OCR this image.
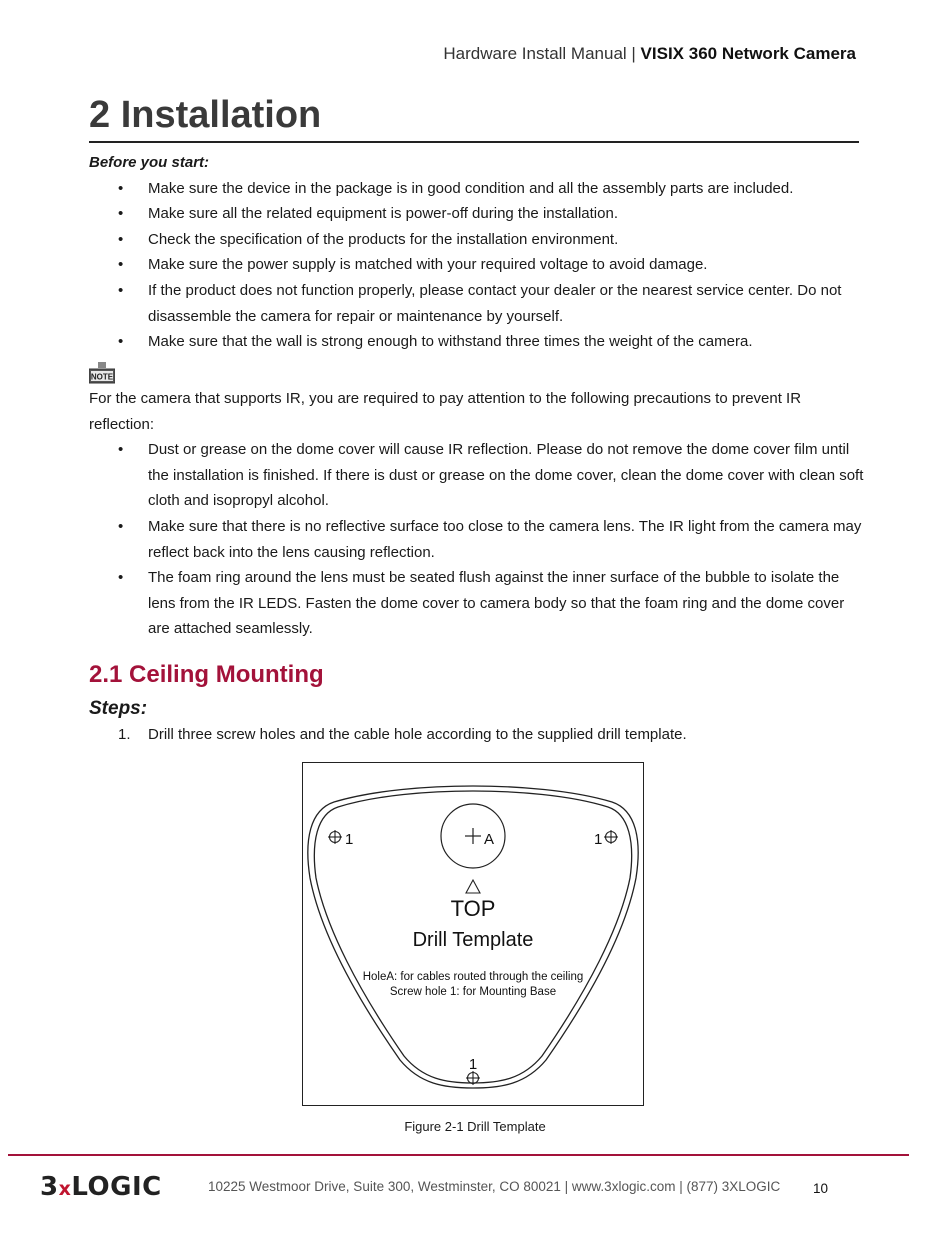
Hardware Install Manual | VISIX 360 Network Camera
2 Installation
Before you start:
• Make sure the device in the package is in good condition and all the assembly parts are included.
• Make sure all the related equipment is power-off during the installation.
• Check the specification of the products for the installation environment.
• Make sure the power supply is matched with your required voltage to avoid damage.
• If the product does not function properly, please contact your dealer or the nearest service center. Do not disassemble the camera for repair or maintenance by yourself.
• Make sure that the wall is strong enough to withstand three times the weight of the camera.
NOTE
For the camera that supports IR, you are required to pay attention to the following precautions to prevent IR reflection:
• Dust or grease on the dome cover will cause IR reflection. Please do not remove the dome cover film until the installation is finished. If there is dust or grease on the dome cover, clean the dome cover with clean soft cloth and isopropyl alcohol.
• Make sure that there is no reflective surface too close to the camera lens. The IR light from the camera may reflect back into the lens causing reflection.
• The foam ring around the lens must be seated flush against the inner surface of the bubble to isolate the lens from the IR LEDS. Fasten the dome cover to camera body so that the foam ring and the dome cover are attached seamlessly.
2.1 Ceiling Mounting
Steps:
1. Drill three screw holes and the cable hole according to the supplied drill template.
A
1	1
1
TOP
Drill Template
HoleA: for cables routed through the ceiling
Screw hole 1: for Mounting Base
Figure 2-1 Drill Template
3xLOGIC	10225 Westmoor Drive, Suite 300, Westminster, CO 80021 | www.3xlogic.com | (877) 3XLOGIC 10
